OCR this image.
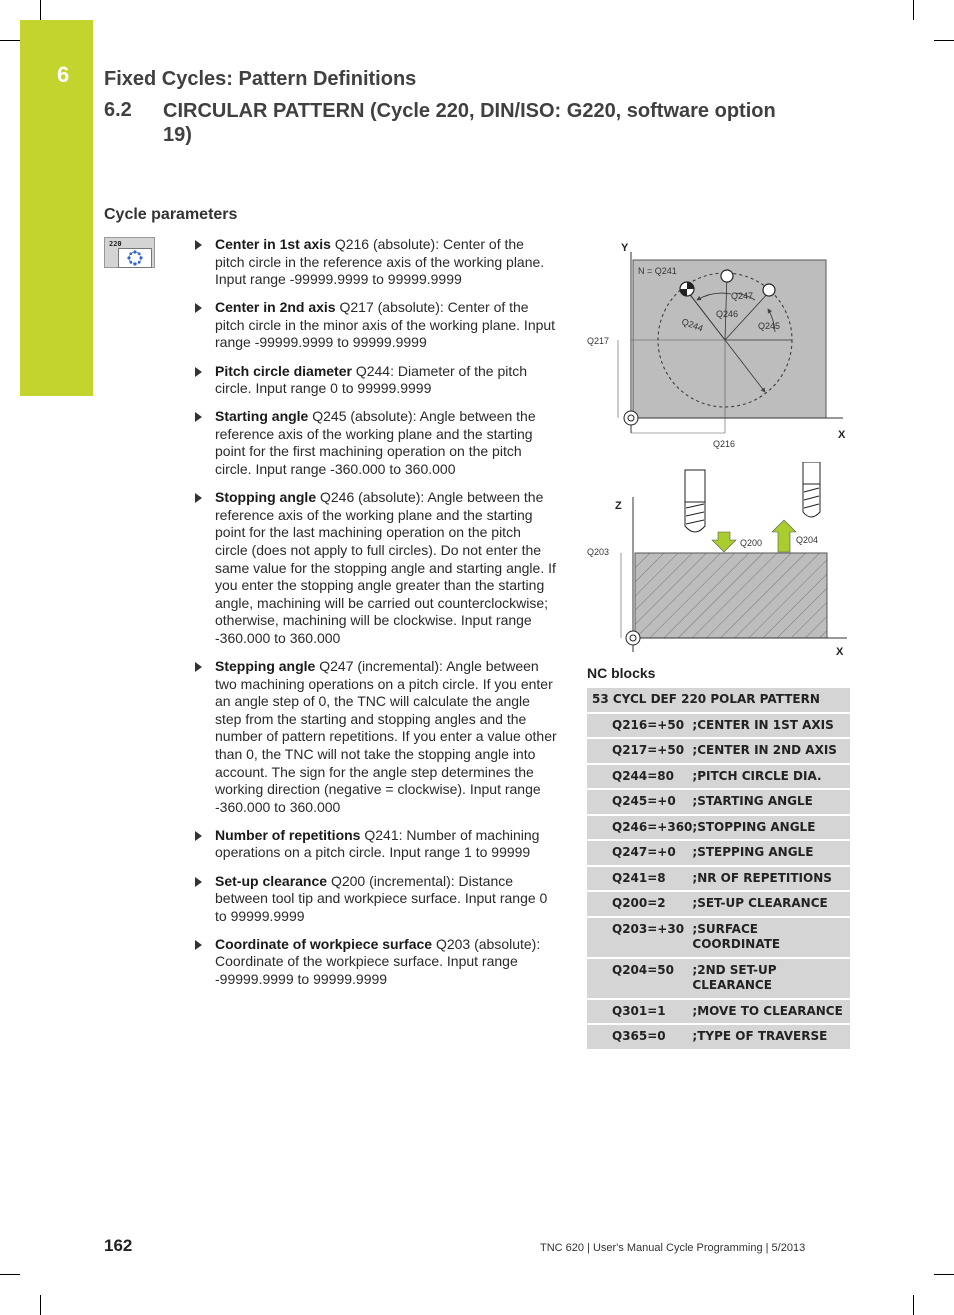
6 Fixed Cycles: Pattern Definitions
6.2 CIRCULAR PATTERN (Cycle 220, DIN/ISO: G220, software option 19)
Cycle parameters
220	Center in 1st axis Q216 (absolute): Center of the pitch circle in the reference axis of the working plane. Input range -99999.9999 to 99999.9999
Center in 2nd axis Q217 (absolute): Center of the pitch circle in the minor axis of the working plane. Input range -99999.9999 to 99999.9999
Pitch circle diameter Q244: Diameter of the pitch circle. Input range 0 to 99999.9999
Starting angle Q245 (absolute): Angle between the reference axis of the working plane and the starting point for the first machining operation on the pitch circle. Input range -360.000 to 360.000
Stopping angle Q246 (absolute): Angle between the reference axis of the working plane and the starting point for the last machining operation on the pitch circle (does not apply to full circles). Do not enter the same value for the stopping angle and starting angle. If you enter the stopping angle greater than the starting angle, machining will be carried out counterclockwise; otherwise, machining will be clockwise. Input range -360.000 to 360.000
Stepping angle Q247 (incremental): Angle between two machining operations on a pitch circle. If you enter an angle step of 0, the TNC will calculate the angle step from the starting and stopping angles and the number of pattern repetitions. If you enter a value other than 0, the TNC will not take the stopping angle into account. The sign for the angle step determines the working direction (negative = clockwise). Input range -360.000 to 360.000
Number of repetitions Q241: Number of machining operations on a pitch circle. Input range 1 to 99999
Set-up clearance Q200 (incremental): Distance between tool tip and workpiece surface. Input range 0 to 99999.9999
Coordinate of workpiece surface Q203 (absolute): Coordinate of the workpiece surface. Input range -99999.9999 to 99999.9999
Y
X
N = Q241
Q247
Q246
Q245
Q244
Q217
Q216
Z
X
Q203
Q200	Q204
NC blocks
53 CYCL DEF 220 POLAR PATTERN	
Q216=+50	;CENTER IN 1ST AXIS
Q217=+50	;CENTER IN 2ND AXIS
Q244=80	;PITCH CIRCLE DIA.
Q245=+0	;STARTING ANGLE
Q246=+360	;STOPPING ANGLE
Q247=+0	;STEPPING ANGLE
Q241=8	;NR OF REPETITIONS
Q200=2	;SET-UP CLEARANCE
Q203=+30	;SURFACE COORDINATE
Q204=50	;2ND SET-UP CLEARANCE
Q301=1	;MOVE TO CLEARANCE
Q365=0	;TYPE OF TRAVERSE
162	TNC 620 | User's Manual Cycle Programming | 5/2013
